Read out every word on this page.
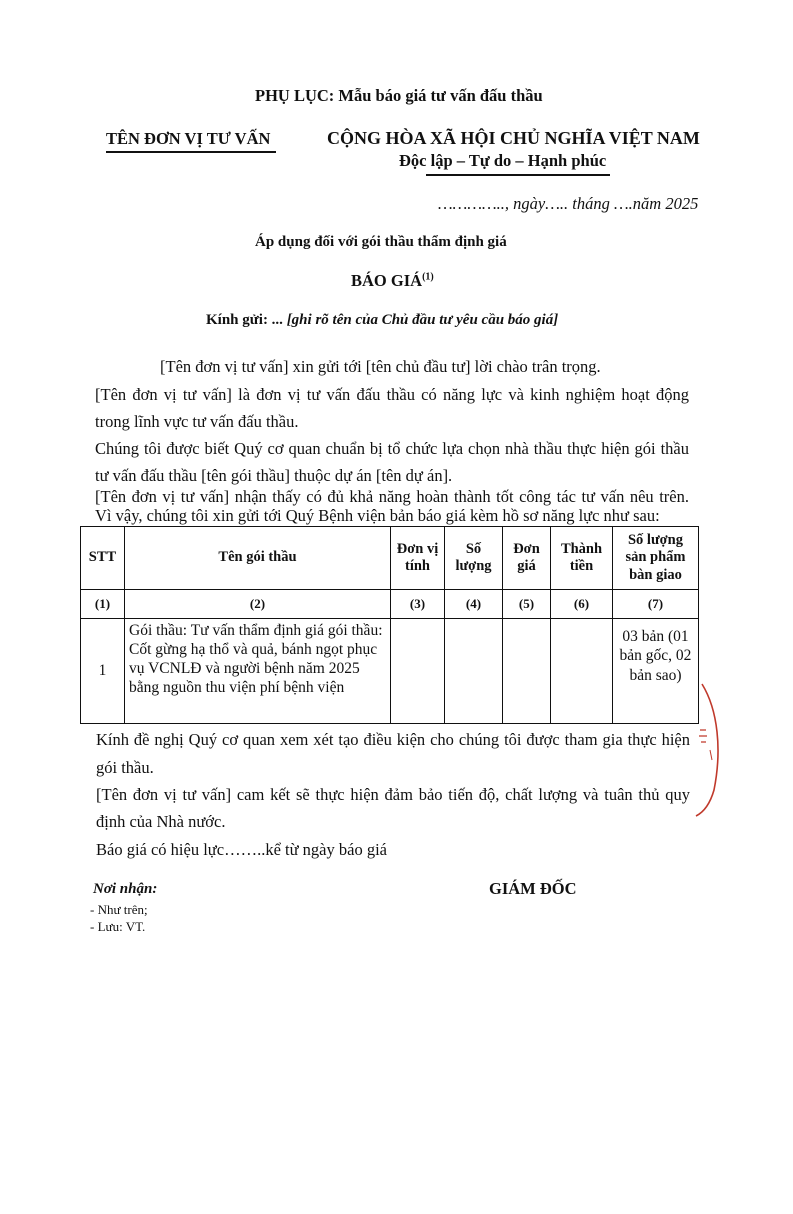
PHỤ LỤC: Mẫu báo giá tư vấn đấu thầu
TÊN ĐƠN VỊ TƯ VẤN	CỘNG HÒA XÃ HỘI CHỦ NGHĨA VIỆT NAM
Độc lập – Tự do – Hạnh phúc
………….., ngày….. tháng ….năm 2025
Áp dụng đối với gói thầu thẩm định giá
BÁO GIÁ$^{(1)}$
Kính gửi: ... [ghi rõ tên của Chủ đầu tư yêu cầu báo giá]
[Tên đơn vị tư vấn] xin gửi tới [tên chủ đầu tư] lời chào trân trọng.
[Tên đơn vị tư vấn] là đơn vị tư vấn đấu thầu có năng lực và kinh nghiệm hoạt động
trong lĩnh vực tư vấn đấu thầu.
Chúng tôi được biết Quý cơ quan chuẩn bị tổ chức lựa chọn nhà thầu thực hiện gói thầu
tư vấn đấu thầu [tên gói thầu] thuộc dự án [tên dự án].
[Tên đơn vị tư vấn] nhận thấy có đủ khả năng hoàn thành tốt công tác tư vấn nêu trên.
Vì vậy, chúng tôi xin gửi tới Quý Bệnh viện bản báo giá kèm hồ sơ năng lực như sau:
STT	Tên gói thầu	Đơn vị tính	Số lượng	Đơn giá	Thành tiền	Số lượng sản phẩm bàn giao
(1)	(2)	(3)	(4)	(5)	(6)	(7)
1	Gói thầu: Tư vấn thẩm định giá gói thầu: Cốt gừng hạ thổ và quả, bánh ngọt phục vụ VCNLĐ và người bệnh năm 2025 bằng nguồn thu viện phí bệnh viện					03 bản (01 bản gốc, 02 bản sao)
Kính đề nghị Quý cơ quan xem xét tạo điều kiện cho chúng tôi được tham gia thực hiện
gói thầu.
[Tên đơn vị tư vấn] cam kết sẽ thực hiện đảm bảo tiến độ, chất lượng và tuân thủ quy
định của Nhà nước.
Báo giá có hiệu lực……..kể từ ngày báo giá
Nơi nhận:
- Như trên;
- Lưu: VT.
GIÁM ĐỐC
